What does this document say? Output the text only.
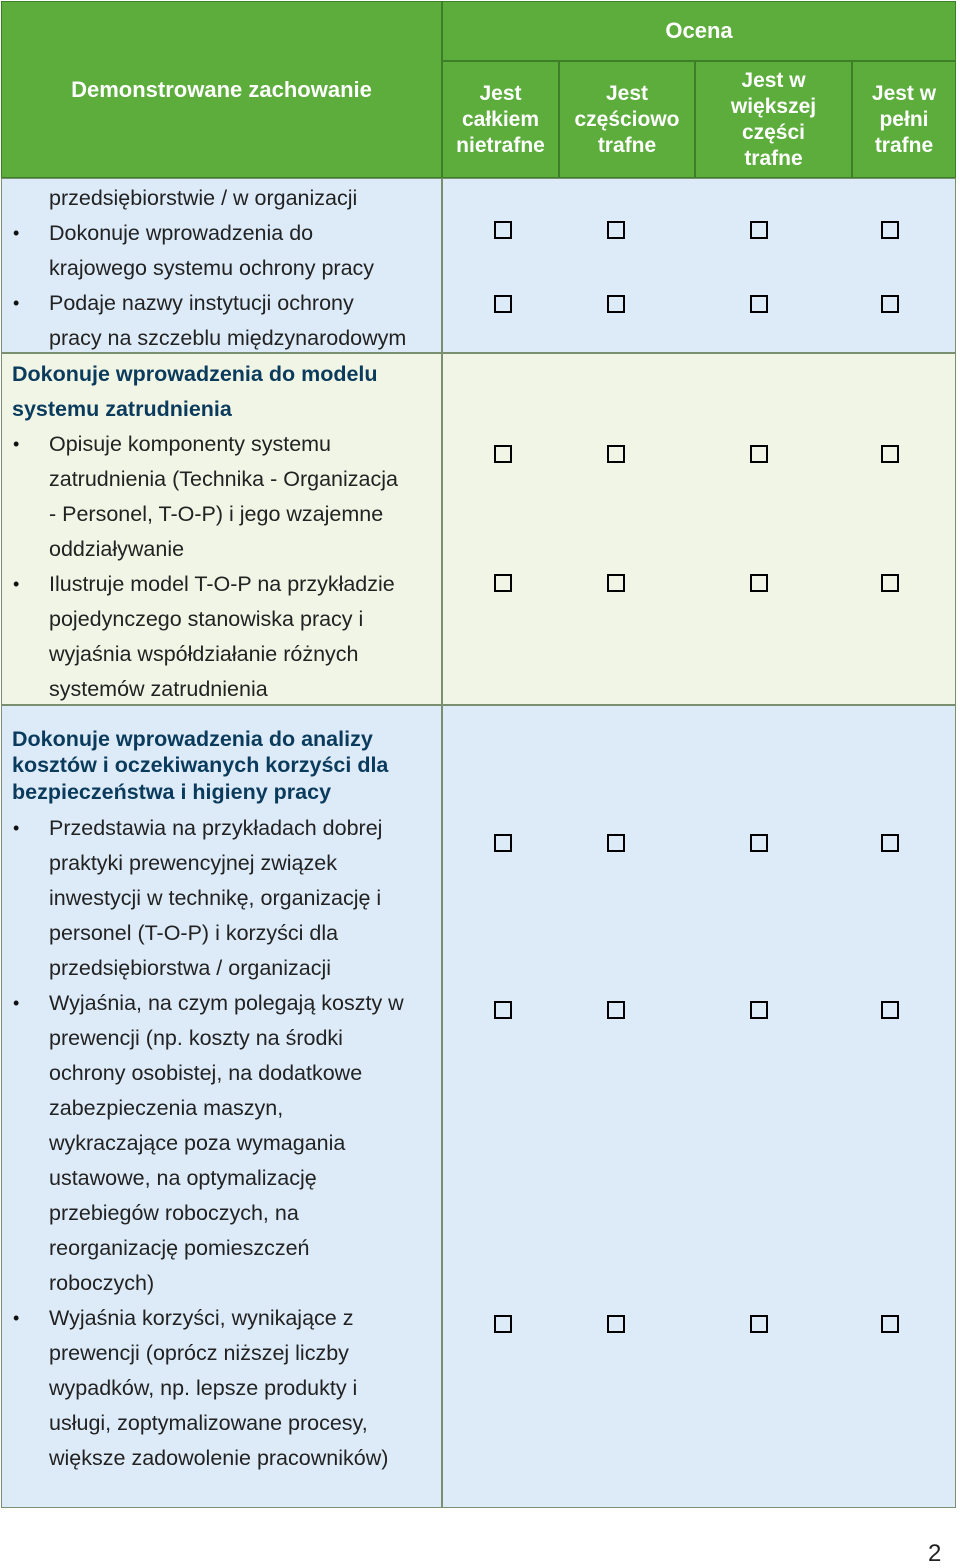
Demonstrowane zachowanie
Ocena
Jest
całkiem
nietrafne
Jest
częściowo
trafne
Jest w
większej
części
trafne
Jest w
pełni
trafne
przedsiębiorstwie / w organizacji
• Dokonuje wprowadzenia do
krajowego systemu ochrony pracy
• Podaje nazwy instytucji ochrony
pracy na szczeblu międzynarodowym
Dokonuje wprowadzenia do modelu
systemu zatrudnienia
• Opisuje komponenty systemu
zatrudnienia (Technika - Organizacja
- Personel, T-O-P) i jego wzajemne
oddziaływanie
• Ilustruje model T-O-P na przykładzie
pojedynczego stanowiska pracy i
wyjaśnia współdziałanie różnych
systemów zatrudnienia
Dokonuje wprowadzenia do analizy
kosztów i oczekiwanych korzyści dla
bezpieczeństwa i higieny pracy
• Przedstawia na przykładach dobrej
praktyki prewencyjnej związek
inwestycji w technikę, organizację i
personel (T-O-P) i korzyści dla
przedsiębiorstwa / organizacji
• Wyjaśnia, na czym polegają koszty w
prewencji (np. koszty na środki
ochrony osobistej, na dodatkowe
zabezpieczenia maszyn,
wykraczające poza wymagania
ustawowe, na optymalizację
przebiegów roboczych, na
reorganizację pomieszczeń
roboczych)
• Wyjaśnia korzyści, wynikające z
prewencji (oprócz niższej liczby
wypadków, np. lepsze produkty i
usługi, zoptymalizowane procesy,
większe zadowolenie pracowników)
2
